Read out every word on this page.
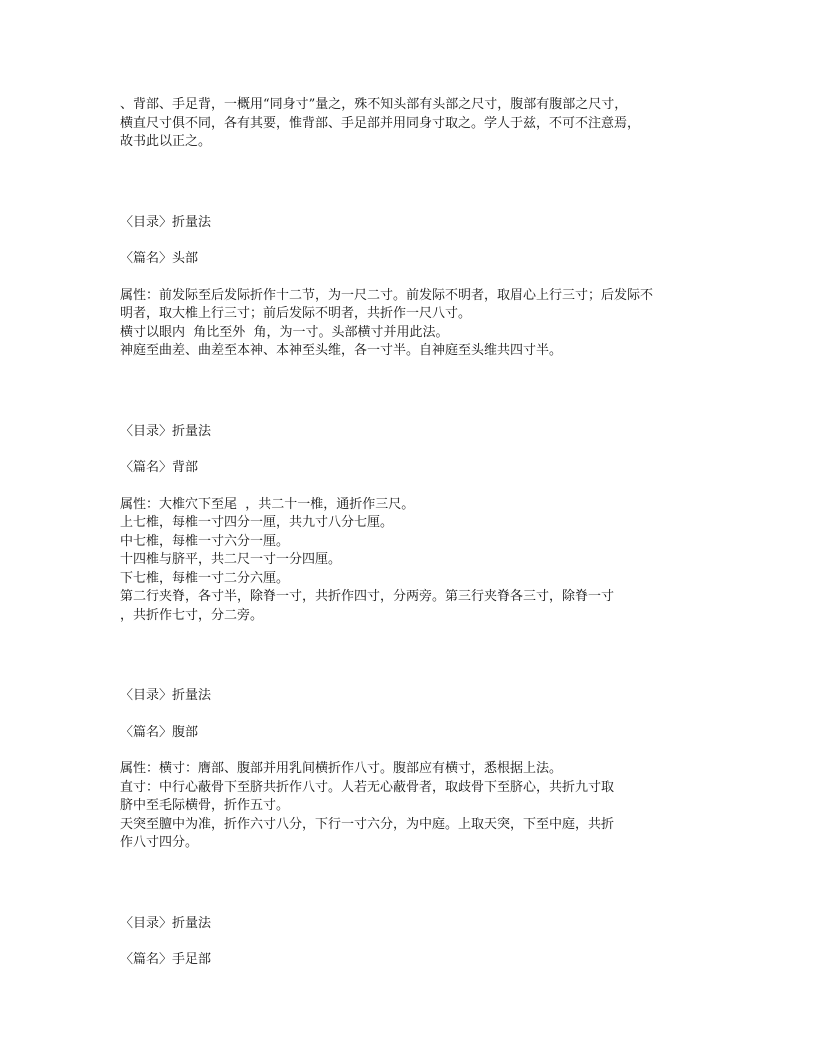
、背部、手足背，一概用“同身寸”量之，殊不知头部有头部之尺寸，腹部有腹部之尺寸，

横直尺寸俱不同，各有其要，惟背部、手足部并用同身寸取之。学人于兹，不可不注意焉，

故书此以正之。

〈目录〉折量法

〈篇名〉头部

属性：前发际至后发际折作十二节，为一尺二寸。前发际不明者，取眉心上行三寸；后发际不

明者，取大椎上行三寸；前后发际不明者，共折作一尺八寸。

横寸以眼内  角比至外  角，为一寸。头部横寸并用此法。

神庭至曲差、曲差至本神、本神至头维，各一寸半。自神庭至头维共四寸半。

〈目录〉折量法

〈篇名〉背部

属性：大椎穴下至尾  ，共二十一椎，通折作三尺。

上七椎，每椎一寸四分一厘，共九寸八分七厘。

中七椎，每椎一寸六分一厘。

十四椎与脐平，共二尺一寸一分四厘。

下七椎，每椎一寸二分六厘。

第二行夹脊，各寸半，除脊一寸，共折作四寸，分两旁。第三行夹脊各三寸，除脊一寸

，共折作七寸，分二旁。

〈目录〉折量法

〈篇名〉腹部

属性：横寸：膺部、腹部并用乳间横折作八寸。腹部应有横寸，悉根据上法。

直寸：中行心蔽骨下至脐共折作八寸。人若无心蔽骨者，取歧骨下至脐心，共折九寸取

脐中至毛际横骨，折作五寸。

天突至膻中为准，折作六寸八分，下行一寸六分，为中庭。上取天突，下至中庭，共折

作八寸四分。

〈目录〉折量法

〈篇名〉手足部
